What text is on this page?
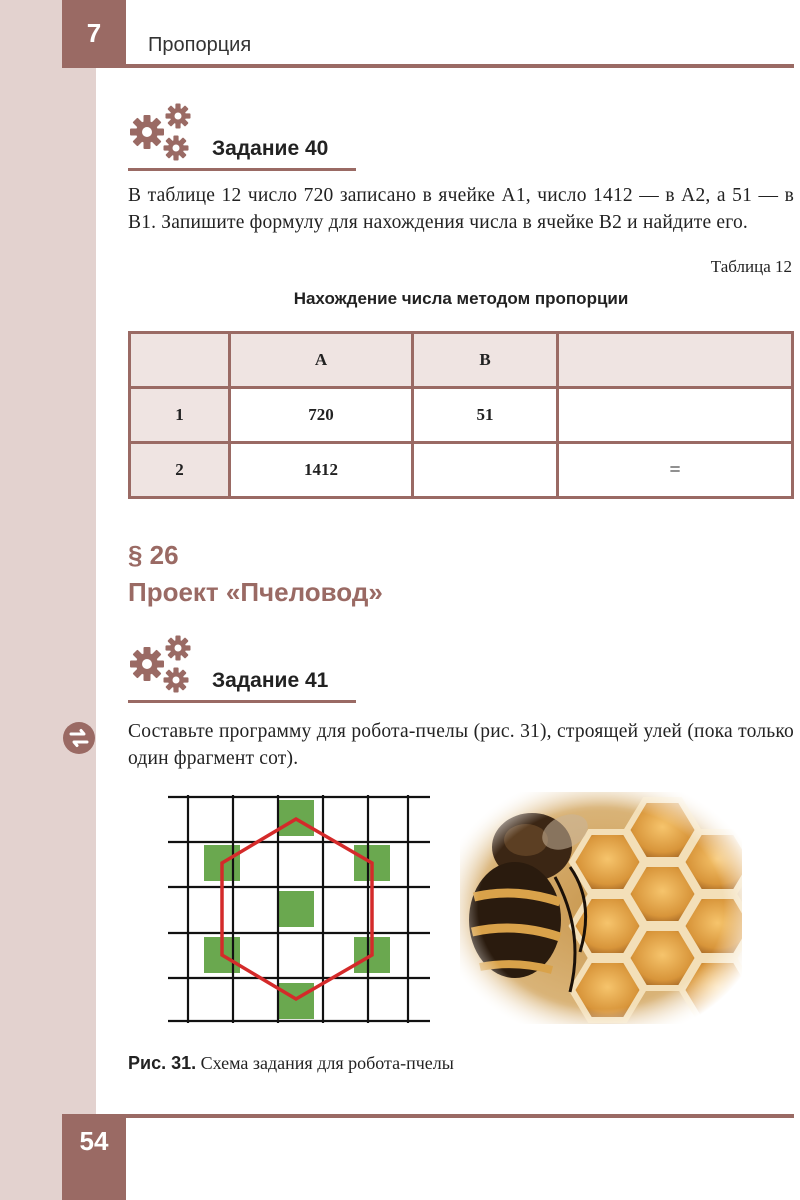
7	Пропорция
Задание 40
В таблице 12 число 720 записано в ячейке A1, число 1412 — в A2, а 51 — в B1. Запишите формулу для нахождения числа в ячейке B2 и найдите его.
Таблица 12
Нахождение числа методом пропорции
	A	B	
1	720	51	
2	1412		=
§ 26
Проект «Пчеловод»
Задание 41
Составьте программу для робота-пчелы (рис. 31), строящей улей (пока только один фрагмент сот).
Рис. 31. Схема задания для робота-пчелы
54
